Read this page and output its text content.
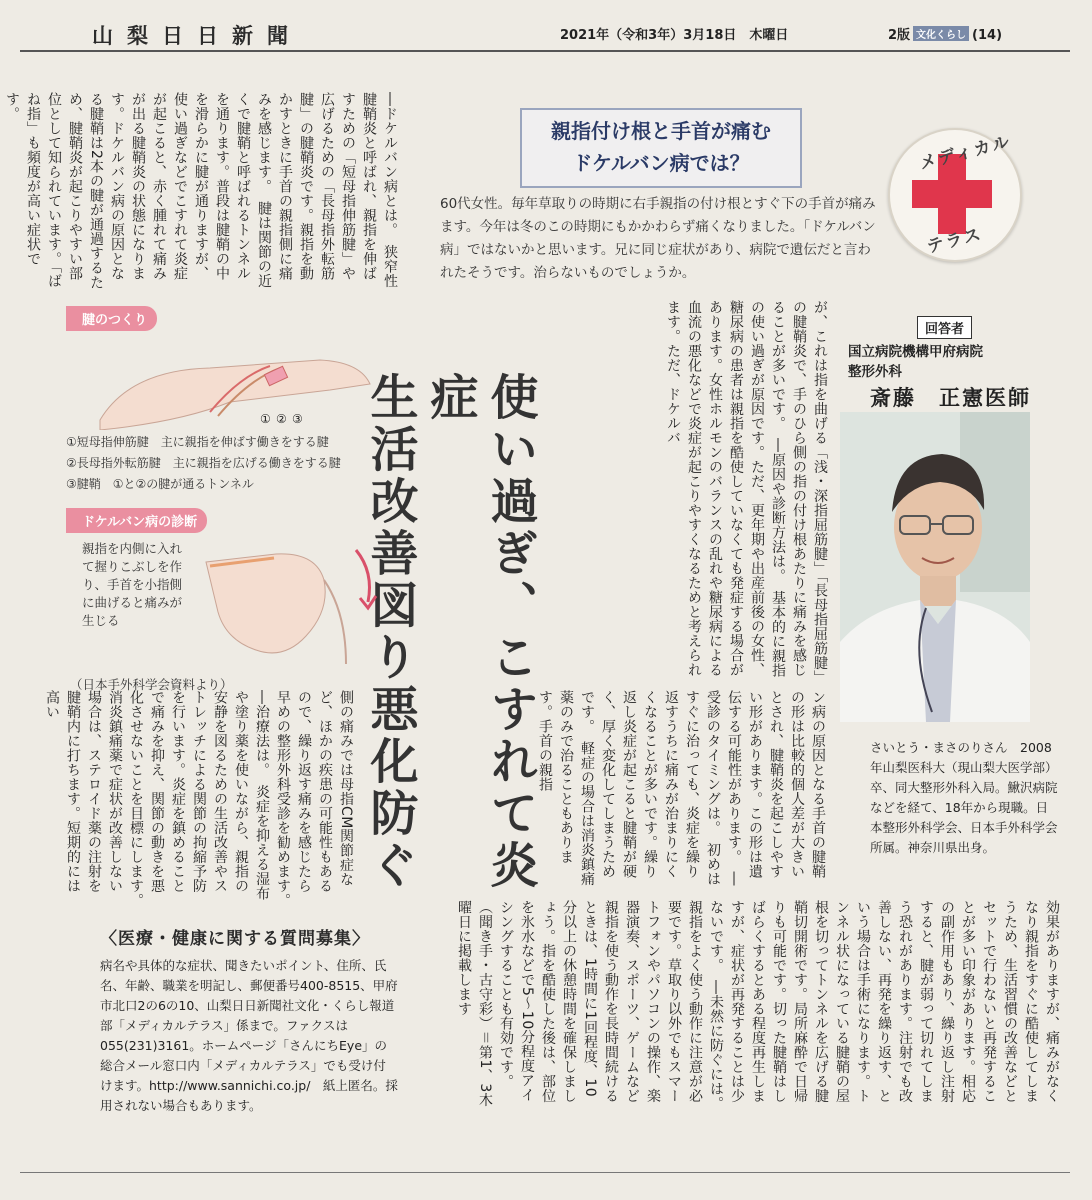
山梨日日新聞	2021年（令和3年）3月18日　木曜日	2版 文化くらし (14)
親指付け根と手首が痛む
ドケルバン病では？	メディカル
テラス
60代女性。毎年草取りの時期に右手親指の付け根とすぐ下の手首が痛みます。今年は冬のこの時期にもかかわらず痛くなりました。「ドケルバン病」ではないかと思います。兄に同じ症状があり、病院で遺伝だと言われたそうです。治らないものでしょうか。
回答者
国立病院機構甲府病院
整形外科
斎藤　正憲医師
さいとう・まさのりさん　2008年山梨医科大（現山梨大医学部）卒、同大整形外科入局。鰍沢病院などを経て、18年から現職。日本整形外科学会、日本手外科学会所属。神奈川県出身。
―ドケルバン病とは。　狭窄性腱鞘炎と呼ばれ、親指を伸ばすための「短母指伸筋腱」や広げるための「長母指外転筋腱」の腱鞘炎です。親指を動かすときに手首の親指側に痛みを感じます。　腱は関節の近くで腱鞘と呼ばれるトンネルを通ります。普段は腱鞘の中を滑らかに腱が通りますが、使い過ぎなどでこすれて炎症が起こると、赤く腫れて痛みが出る腱鞘炎の状態になります。ドケルバン病の原因となる腱鞘は2本の腱が通過するため、腱鞘炎が起こりやすい部位として知られています。「ばね指」も頻度が高い症状です。
が、これは指を曲げる「浅・深指屈筋腱」「長母指屈筋腱」の腱鞘炎で、手のひら側の指の付け根あたりに痛みを感じることが多いです。　―原因や診断方法は。　基本的に親指の使い過ぎが原因です。ただ、更年期や出産前後の女性、糖尿病の患者は親指を酷使していなくても発症する場合があります。女性ホルモンのバランスの乱れや糖尿病による血流の悪化などで炎症が起こりやすくなるためと考えられます。ただ、ドケルバ
ン病の原因となる手首の腱鞘の形は比較的個人差が大きいとされ、腱鞘炎を起こしやすい形があります。この形は遺伝する可能性があります。　―受診のタイミングは。　初めはすぐに治っても、炎症を繰り返すうちに痛みが治まりにくくなることが多いです。繰り返し炎症が起こると腱鞘が硬く、厚く変化してしまうためです。　軽症の場合は消炎鎮痛薬のみで治ることもあります。手首の親指
側の痛みでは母指CM関節症など、ほかの疾患の可能性もあるので、繰り返す痛みを感じたら早めの整形外科受診を勧めます。　―治療法は。　炎症を抑える湿布や塗り薬を使いながら、親指の安静を図るための生活改善やストレッチによる関節の拘縮予防を行います。炎症を鎮めることで痛みを抑え、関節の動きを悪化させないことを目標にします。　消炎鎮痛薬で症状が改善しない場合は、ステロイド薬の注射を腱鞘内に打ちます。短期的には高い
効果がありますが、痛みがなくなり親指をすぐに酷使してしまうため、生活習慣の改善などとセットで行わないと再発することが多い印象があります。相応の副作用もあり、繰り返し注射すると、腱が弱って切れてしまう恐れがあります。注射でも改善しない、再発を繰り返す、という場合は手術になります。トンネル状になっている腱鞘の屋根を切ってトンネルを広げる腱鞘切開術です。局所麻酔で日帰りも可能です。切った腱鞘はしばらくするとある程度再生しますが、症状が再発することは少ないです。　―未然に防ぐには。　親指をよく使う動作に注意が必要です。草取り以外でもスマートフォンやパソコンの操作、楽器演奏、スポーツ、ゲームなど親指を使う動作を長時間続けるときは、1時間に1回程度、10分以上の休憩時間を確保しましょう。指を酷使した後は、部位を氷水などで5～10分程度アイシングすることも有効です。（聞き手・古守彩）＝第1、3木曜日に掲載します
使い過ぎ、こすれて炎症
生活改善図り悪化防ぐ
腱のつくり
① ② ③
①短母指伸筋腱　主に親指を伸ばす働きをする腱
②長母指外転筋腱　主に親指を広げる働きをする腱
③腱鞘　①と②の腱が通るトンネル
ドケルバン病の診断
親指を内側に入れて握りこぶしを作り、手首を小指側に曲げると痛みが生じる
（日本手外科学会資料より）
〈医療・健康に関する質問募集〉
病名や具体的な症状、聞きたいポイント、住所、氏名、年齢、職業を明記し、郵便番号400-8515、甲府市北口2の6の10、山梨日日新聞社文化・くらし報道部「メディカルテラス」係まで。ファクスは055(231)3161。ホームページ「さんにちEye」の総合メール窓口内「メディカルテラス」でも受け付けます。http://www.sannichi.co.jp/　紙上匿名。採用されない場合もあります。
